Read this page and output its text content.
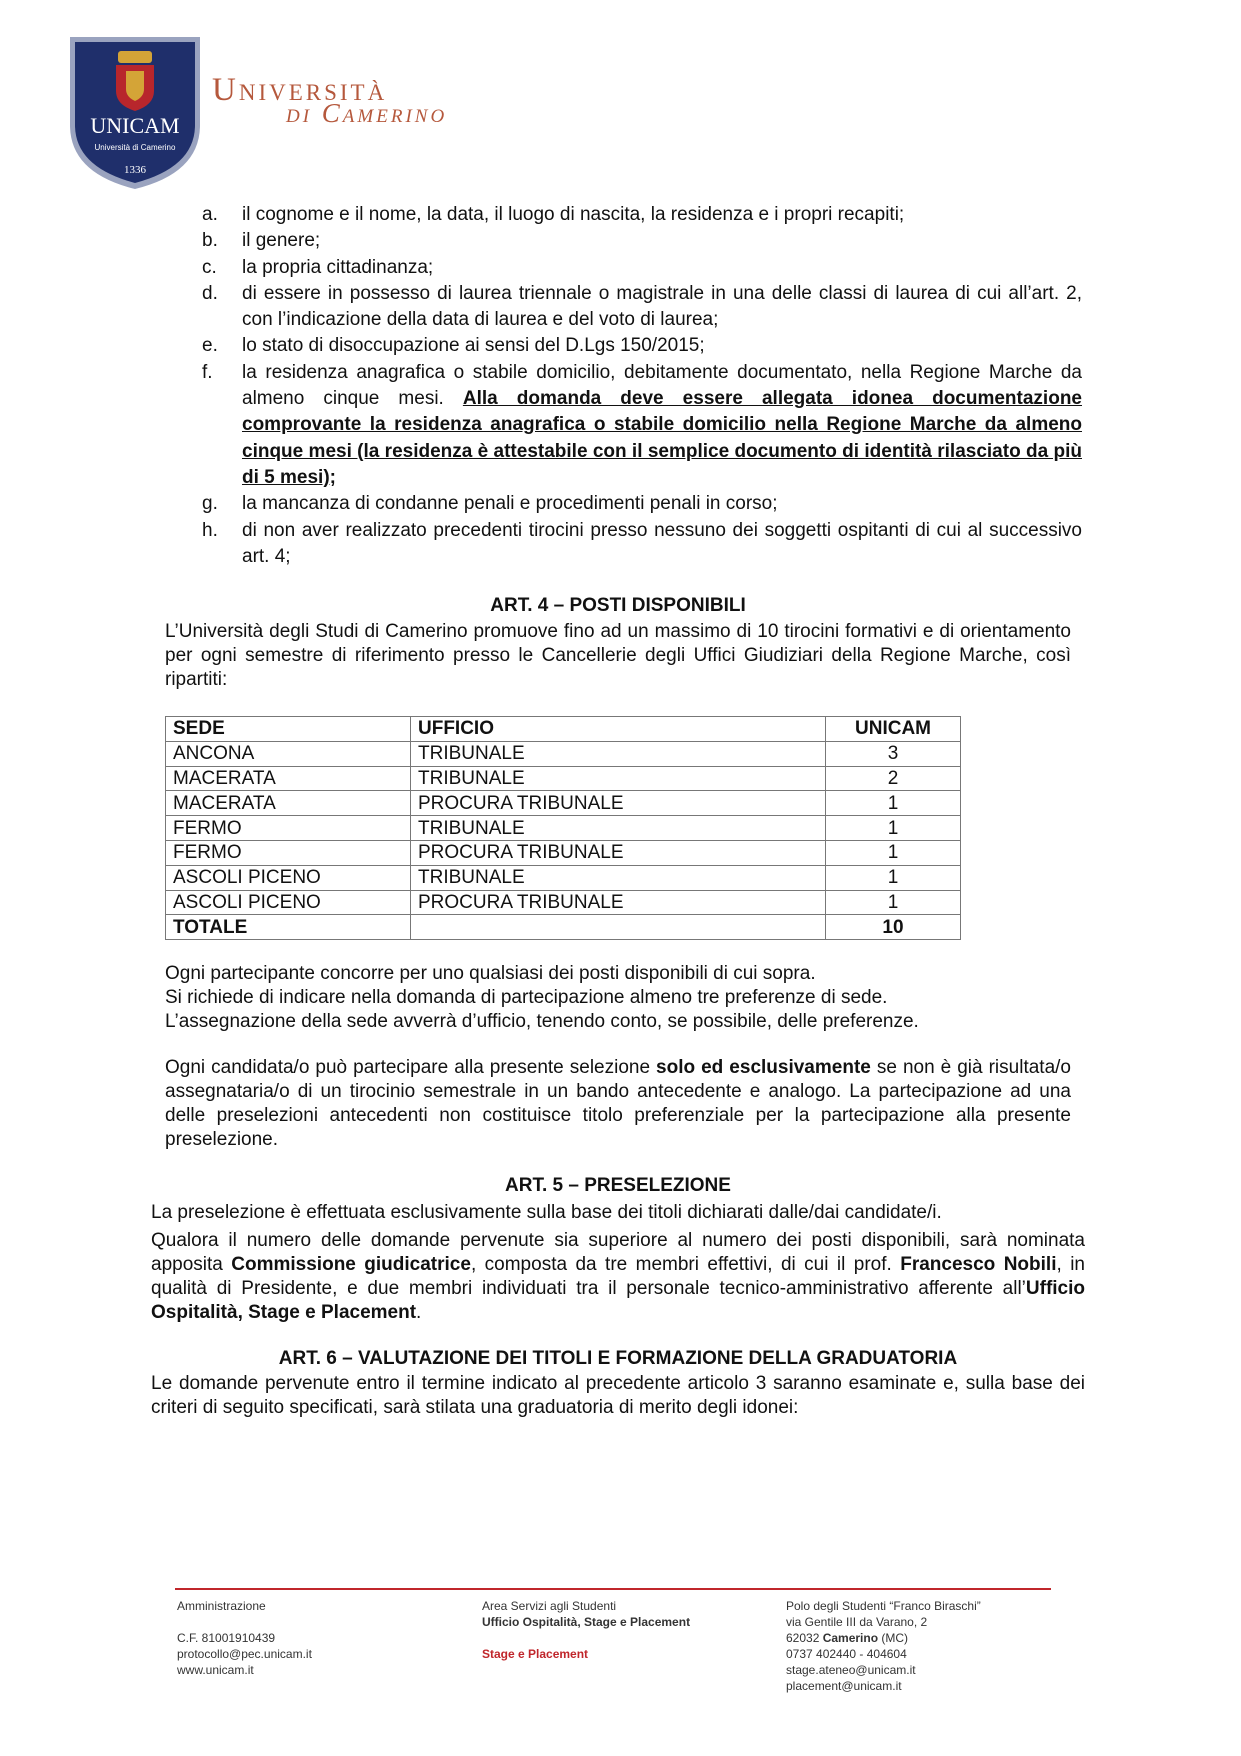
UNICAM
Università di Camerino
1336
Università
di Camerino
a. il cognome e il nome, la data, il luogo di nascita, la residenza e i propri recapiti;
b. il genere;
c. la propria cittadinanza;
d. di essere in possesso di laurea triennale o magistrale in una delle classi di laurea di cui all’art. 2, con l’indicazione della data di laurea e del voto di laurea;
e. lo stato di disoccupazione ai sensi del D.Lgs 150/2015;
f. la residenza anagrafica o stabile domicilio, debitamente documentato, nella Regione Marche da almeno cinque mesi. Alla domanda deve essere allegata idonea documentazione comprovante la residenza anagrafica o stabile domicilio nella Regione Marche da almeno cinque mesi (la residenza è attestabile con il semplice documento di identità rilasciato da più di 5 mesi);
g. la mancanza di condanne penali e procedimenti penali in corso;
h. di non aver realizzato precedenti tirocini presso nessuno dei soggetti ospitanti di cui al successivo art. 4;
ART. 4 – POSTI DISPONIBILI
L’Università degli Studi di Camerino promuove fino ad un massimo di 10 tirocini formativi e di orientamento per ogni semestre di riferimento presso le Cancellerie degli Uffici Giudiziari della Regione Marche, così ripartiti:
SEDE	UFFICIO	UNICAM
ANCONA	TRIBUNALE	3
MACERATA	TRIBUNALE	2
MACERATA	PROCURA TRIBUNALE	1
FERMO	TRIBUNALE	1
FERMO	PROCURA TRIBUNALE	1
ASCOLI PICENO	TRIBUNALE	1
ASCOLI PICENO	PROCURA TRIBUNALE	1
TOTALE		10
Ogni partecipante concorre per uno qualsiasi dei posti disponibili di cui sopra.
Si richiede di indicare nella domanda di partecipazione almeno tre preferenze di sede.
L’assegnazione della sede avverrà d’ufficio, tenendo conto, se possibile, delle preferenze.
Ogni candidata/o può partecipare alla presente selezione solo ed esclusivamente se non è già risultata/o assegnataria/o di un tirocinio semestrale in un bando antecedente e analogo. La partecipazione ad una delle preselezioni antecedenti non costituisce titolo preferenziale per la partecipazione alla presente preselezione.
ART. 5 – PRESELEZIONE
La preselezione è effettuata esclusivamente sulla base dei titoli dichiarati dalle/dai candidate/i.
Qualora il numero delle domande pervenute sia superiore al numero dei posti disponibili, sarà nominata apposita Commissione giudicatrice, composta da tre membri effettivi, di cui il prof. Francesco Nobili, in qualità di Presidente, e due membri individuati tra il personale tecnico-amministrativo afferente all’Ufficio Ospitalità, Stage e Placement.
ART. 6 – VALUTAZIONE DEI TITOLI E FORMAZIONE DELLA GRADUATORIA
Le domande pervenute entro il termine indicato al precedente articolo 3 saranno esaminate e, sulla base dei criteri di seguito specificati, sarà stilata una graduatoria di merito degli idonei:
Amministrazione
C.F. 81001910439
protocollo@pec.unicam.it
www.unicam.it
Area Servizi agli Studenti
Ufficio Ospitalità, Stage e Placement
Stage e Placement
Polo degli Studenti “Franco Biraschi”
via Gentile III da Varano, 2
62032 Camerino (MC)
0737 402440 - 404604
stage.ateneo@unicam.it
placement@unicam.it
